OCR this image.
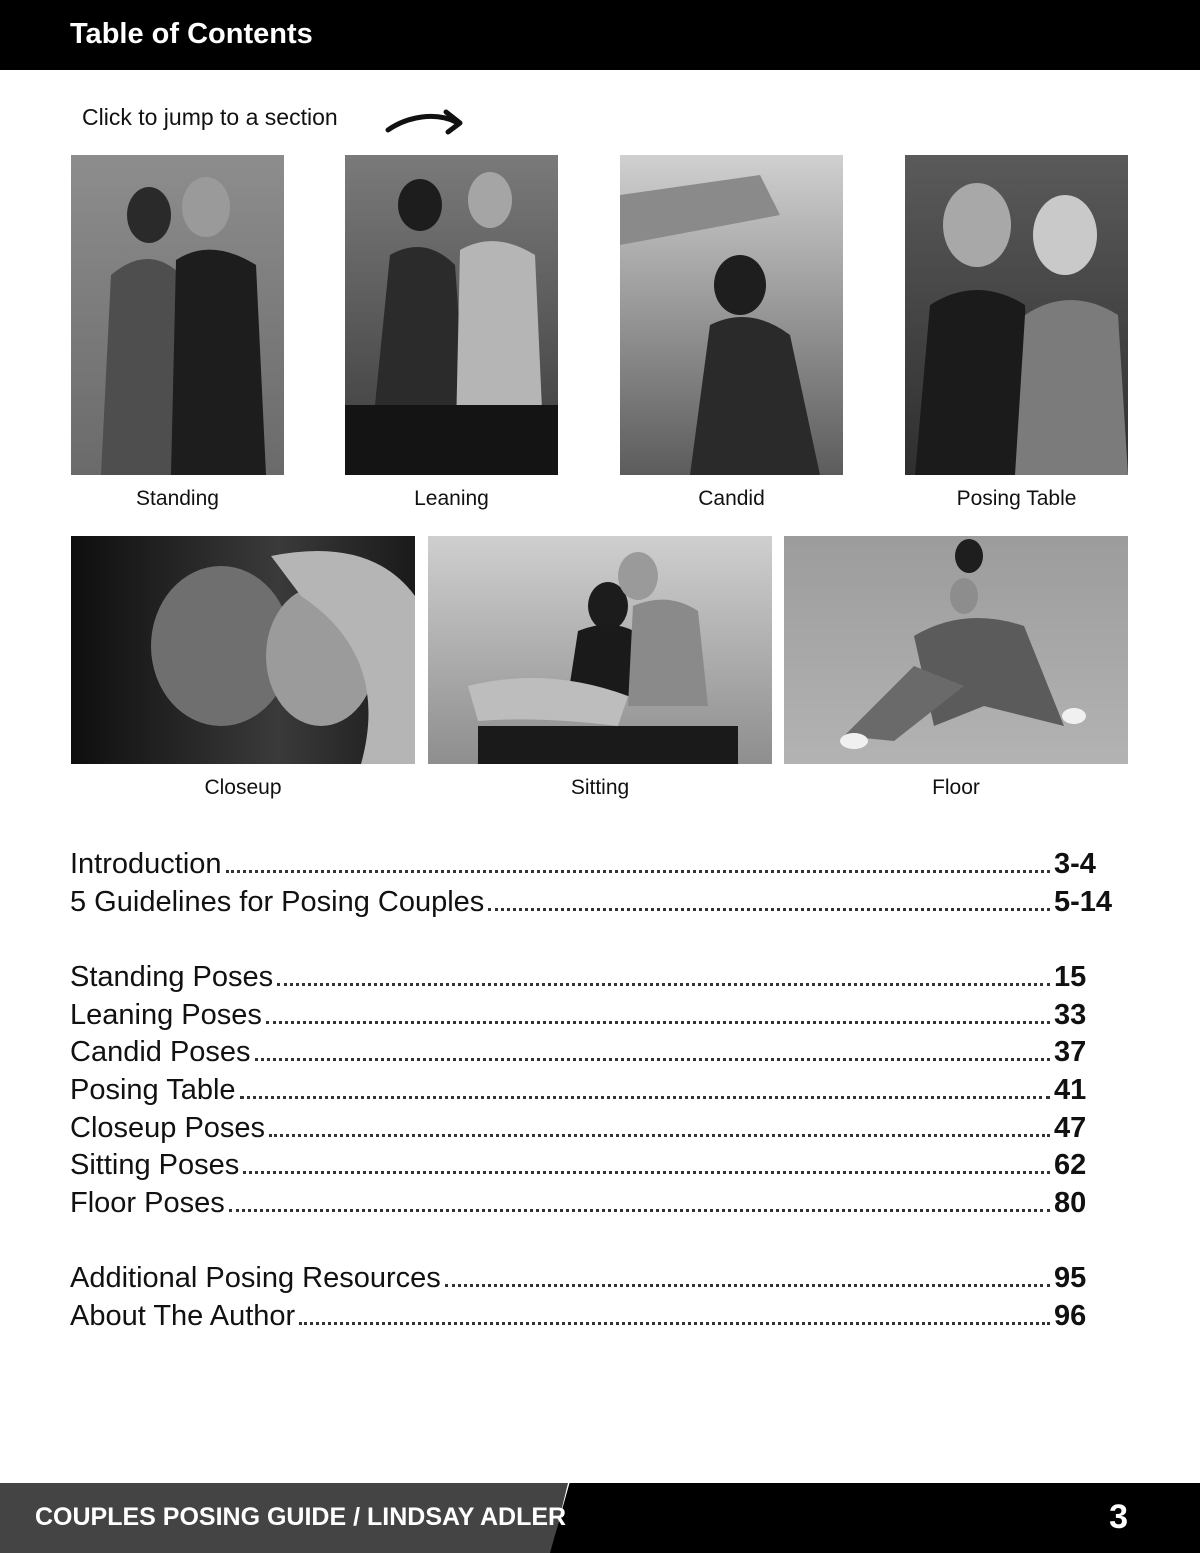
Table of Contents
Click to jump to a section
Standing	Leaning	Candid	Posing Table
Closeup	Sitting	Floor
Introduction	3-4
5 Guidelines for Posing Couples	5-14
Standing Poses	15
Leaning Poses	33
Candid Poses	37
Posing Table	41
Closeup Poses	47
Sitting Poses	62
Floor Poses	80
Additional Posing Resources	95
About The Author	96
COUPLES POSING GUIDE / LINDSAY ADLER	3
